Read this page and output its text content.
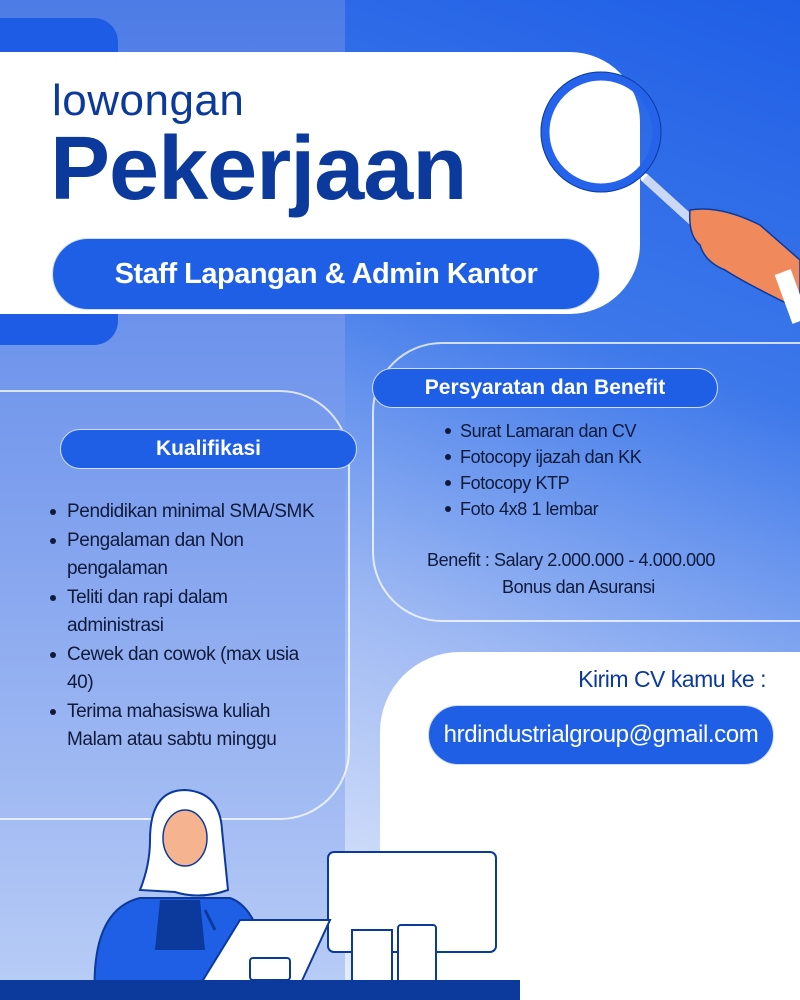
lowongan
Pekerjaan
Staff Lapangan & Admin Kantor
Kualifikasi
Persyaratan dan Benefit
Pendidikan minimal SMA/SMK
Pengalaman dan Non pengalaman
Teliti dan rapi dalam administrasi
Cewek dan cowok (max usia 40)
Terima mahasiswa kuliah Malam atau sabtu minggu
Surat Lamaran dan CV
Fotocopy ijazah dan KK
Fotocopy KTP
Foto 4x8 1 lembar
Benefit : Salary 2.000.000 - 4.000.000
Bonus dan Asuransi
Kirim CV kamu ke :
hrdindustrialgroup@gmail.com
